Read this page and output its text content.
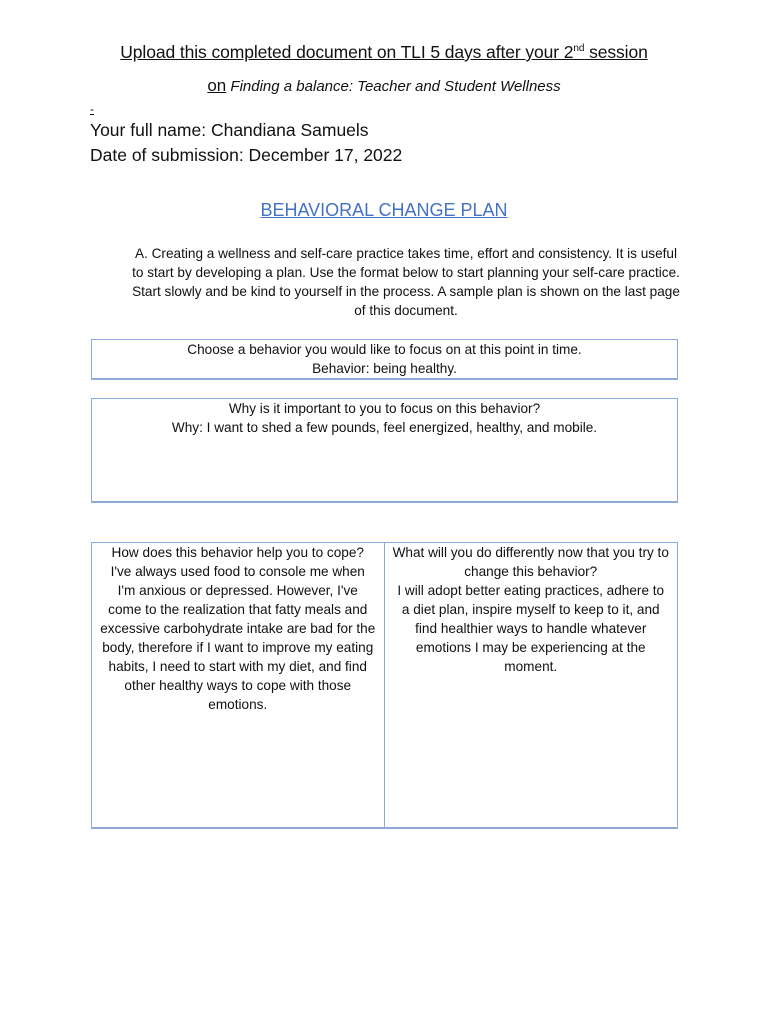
Upload this completed document on TLI 5 days after your 2nd session
on Finding a balance: Teacher and Student Wellness
-
Your full name: Chandiana Samuels
Date of submission: December 17, 2022
BEHAVIORAL CHANGE PLAN
A. Creating a wellness and self-care practice takes time, effort and consistency. It is useful to start by developing a plan. Use the format below to start planning your self-care practice. Start slowly and be kind to yourself in the process. A sample plan is shown on the last page of this document.
Choose a behavior you would like to focus on at this point in time.
Behavior: being healthy.
Why is it important to you to focus on this behavior?
Why: I want to shed a few pounds, feel energized, healthy, and mobile.
How does this behavior help you to cope?
I've always used food to console me when I'm anxious or depressed. However, I've come to the realization that fatty meals and excessive carbohydrate intake are bad for the body, therefore if I want to improve my eating habits, I need to start with my diet, and find other healthy ways to cope with those emotions.
What will you do differently now that you try to change this behavior?
I will adopt better eating practices, adhere to a diet plan, inspire myself to keep to it, and find healthier ways to handle whatever emotions I may be experiencing at the moment.
